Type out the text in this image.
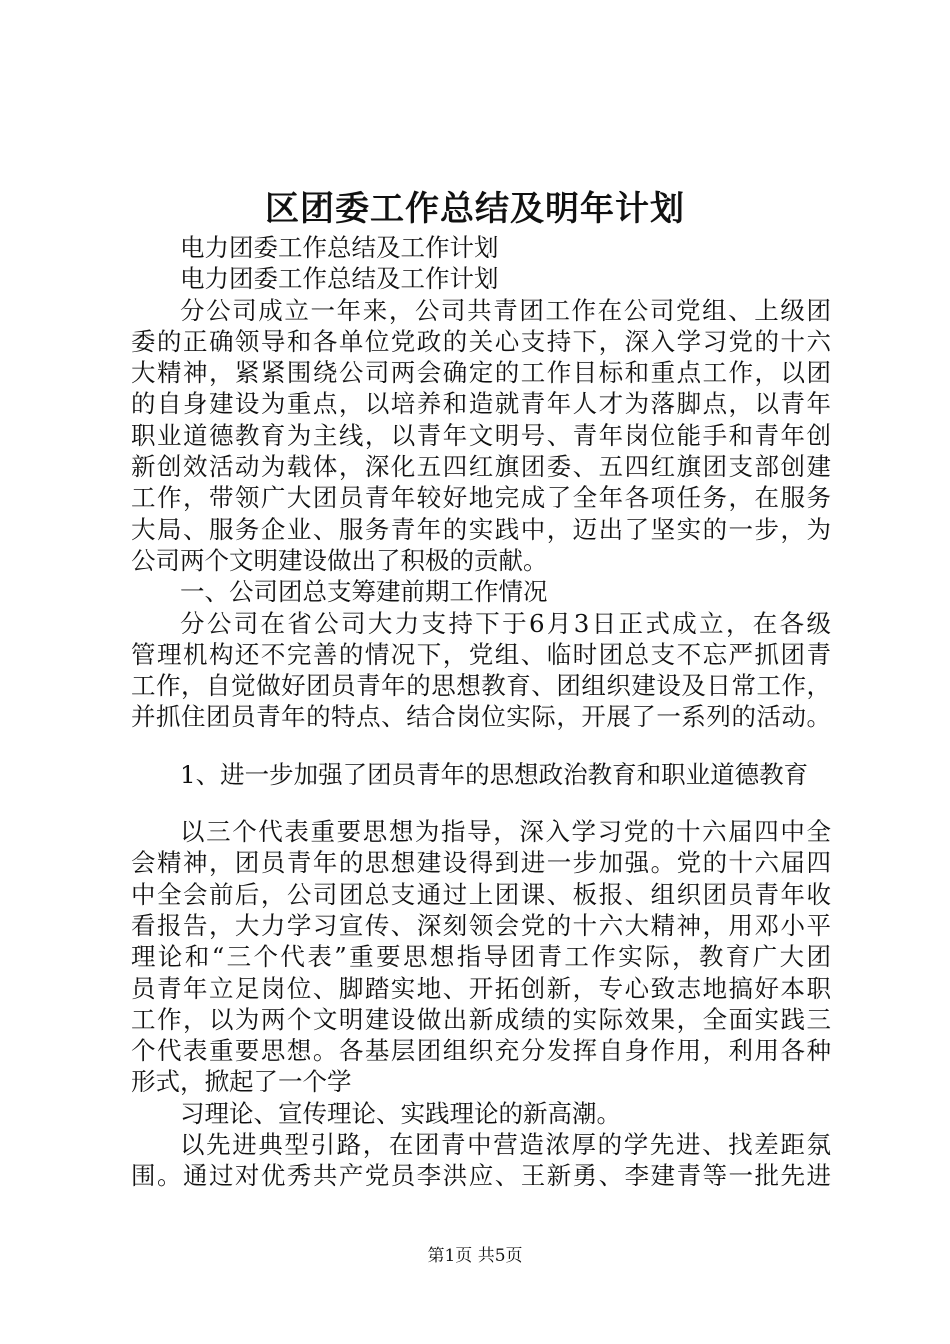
区团委工作总结及明年计划
电力团委工作总结及工作计划
电力团委工作总结及工作计划
分公司成立一年来，公司共青团工作在公司党组、上级团
委的正确领导和各单位党政的关心支持下，深入学习党的十六
大精神，紧紧围绕公司两会确定的工作目标和重点工作，以团
的自身建设为重点，以培养和造就青年人才为落脚点，以青年
职业道德教育为主线，以青年文明号、青年岗位能手和青年创
新创效活动为载体，深化五四红旗团委、五四红旗团支部创建
工作，带领广大团员青年较好地完成了全年各项任务，在服务
大局、服务企业、服务青年的实践中，迈出了坚实的一步，为
公司两个文明建设做出了积极的贡献。
一、公司团总支筹建前期工作情况
分公司在省公司大力支持下于6月3日正式成立，在各级
管理机构还不完善的情况下，党组、临时团总支不忘严抓团青
工作，自觉做好团员青年的思想教育、团组织建设及日常工作，
并抓住团员青年的特点、结合岗位实际，开展了一系列的活动。
1、进一步加强了团员青年的思想政治教育和职业道德教育
以三个代表重要思想为指导，深入学习党的十六届四中全
会精神，团员青年的思想建设得到进一步加强。党的十六届四
中全会前后，公司团总支通过上团课、板报、组织团员青年收
看报告，大力学习宣传、深刻领会党的十六大精神，用邓小平
理论和“三个代表”重要思想指导团青工作实际，教育广大团
员青年立足岗位、脚踏实地、开拓创新，专心致志地搞好本职
工作，以为两个文明建设做出新成绩的实际效果，全面实践三
个代表重要思想。各基层团组织充分发挥自身作用，利用各种
形式，掀起了一个学
习理论、宣传理论、实践理论的新高潮。
以先进典型引路，在团青中营造浓厚的学先进、找差距氛
围。通过对优秀共产党员李洪应、王新勇、李建青等一批先进
第1页 共5页
